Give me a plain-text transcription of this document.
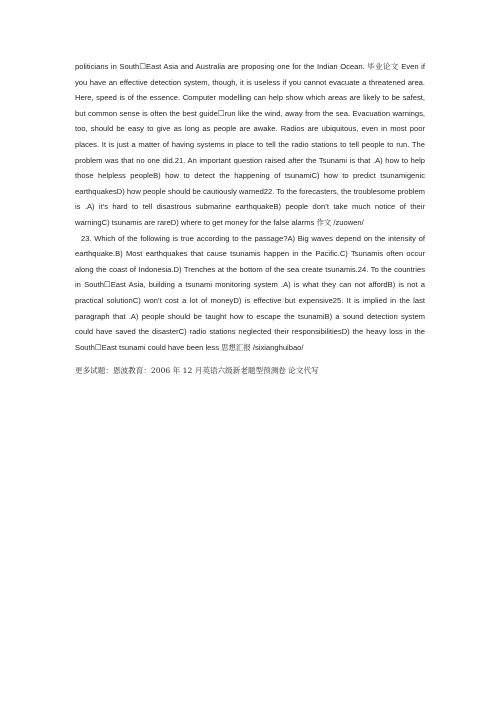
politicians in South☐East Asia and Australia are proposing one for the Indian Ocean. 毕业论文 Even if you have an effective detection system, though, it is useless if you cannot evacuate a threatened area. Here, speed is of the essence. Computer modelling can help show which areas are likely to be safest, but common sense is often the best guide☐run like the wind, away from the sea. Evacuation warnings, too, should be easy to give as long as people are awake. Radios are ubiquitous, even in most poor places. It is just a matter of having systems in place to tell the radio stations to tell people to run. The problem was that no one did.21. An important question raised after the Tsunami is that .A) how to help those helpless peopleB) how to detect the happening of tsunamiC) how to predict tsunamigenic earthquakesD) how people should be cautiously warned22. To the forecasters, the troublesome problem is .A) it’s hard to tell disastrous submarine earthquakeB) people don’t take much notice of their warningC) tsunamis are rareD) where to get money for the false alarms 作文 /zuowen/

23. Which of the following is true according to the passage?A) Big waves depend on the intensity of earthquake.B) Most earthquakes that cause tsunamis happen in the Pacific.C) Tsunamis often occur along the coast of Indonesia.D) Trenches at the bottom of the sea create tsunamis.24. To the countries in South☐East Asia, building a tsunami monitoring system .A) is what they can not affordB) is not a practical solutionC) won’t cost a lot of moneyD) is effective but expensive25. It is implied in the last paragraph that .A) people should be taught how to escape the tsunamiB) a sound detection system could have saved the disasterC) radio stations neglected their responsibilitiesD) the heavy loss in the South☐East tsunami could have been less 思想汇报 /sixianghuibao/

更多试题：恩波教育：2006 年 12 月英语六级新老题型预测卷 论文代写
